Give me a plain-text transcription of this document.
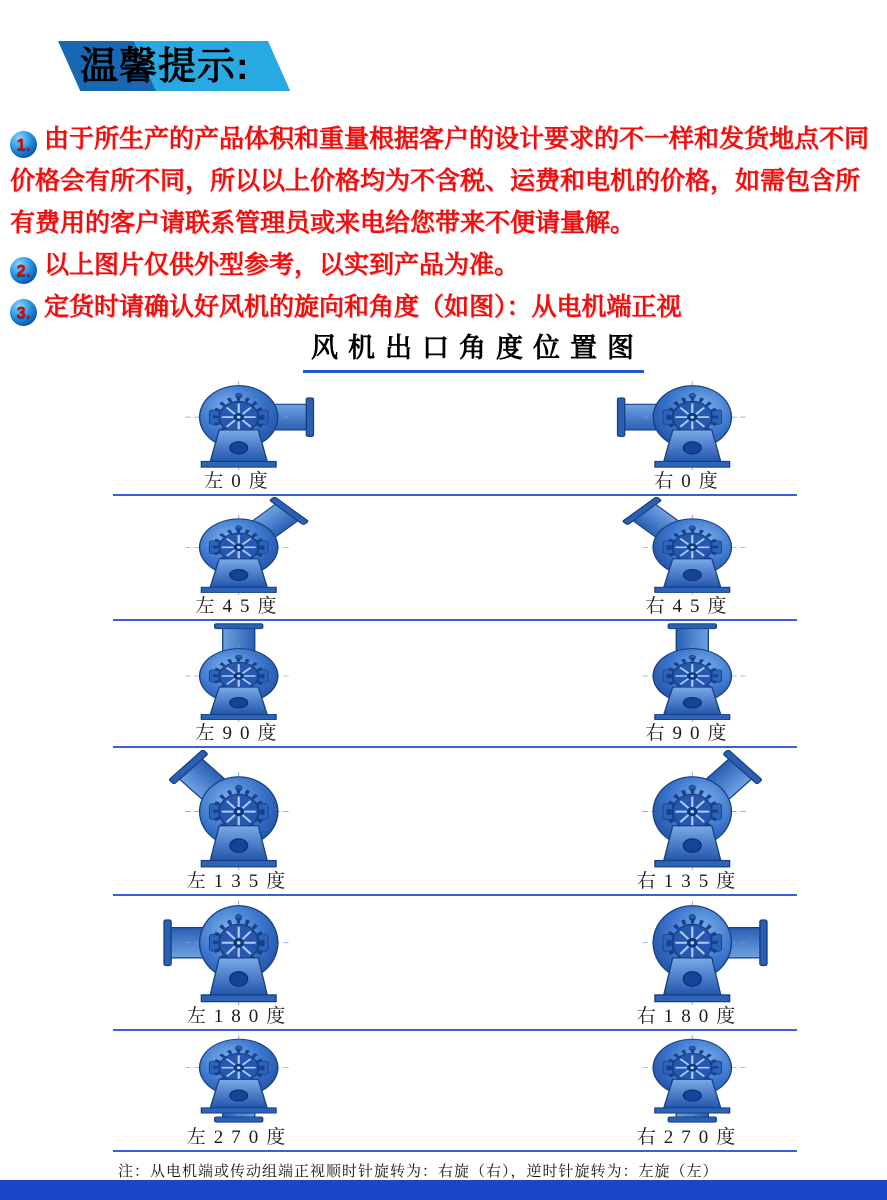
温馨提示:

1. 由于所生产的产品体积和重量根据客户的设计要求的不一样和发货地点不同价格会有所不同，所以以上价格均为不含税、运费和电机的价格，如需包含所有费用的客户请联系管理员或来电给您带来不便请量解。

2. 以上图片仅供外型参考，以实到产品为准。

3. 定货时请确认好风机的旋向和角度（如图）：从电机端正视

风机出口角度位置图
左0度	右0度
左45度	右45度
左90度	右90度
左135度	右135度
左180度	右180度
左270度	右270度
注：从电机端或传动组端正视顺时针旋转为：右旋（右），逆时针旋转为：左旋（左）
